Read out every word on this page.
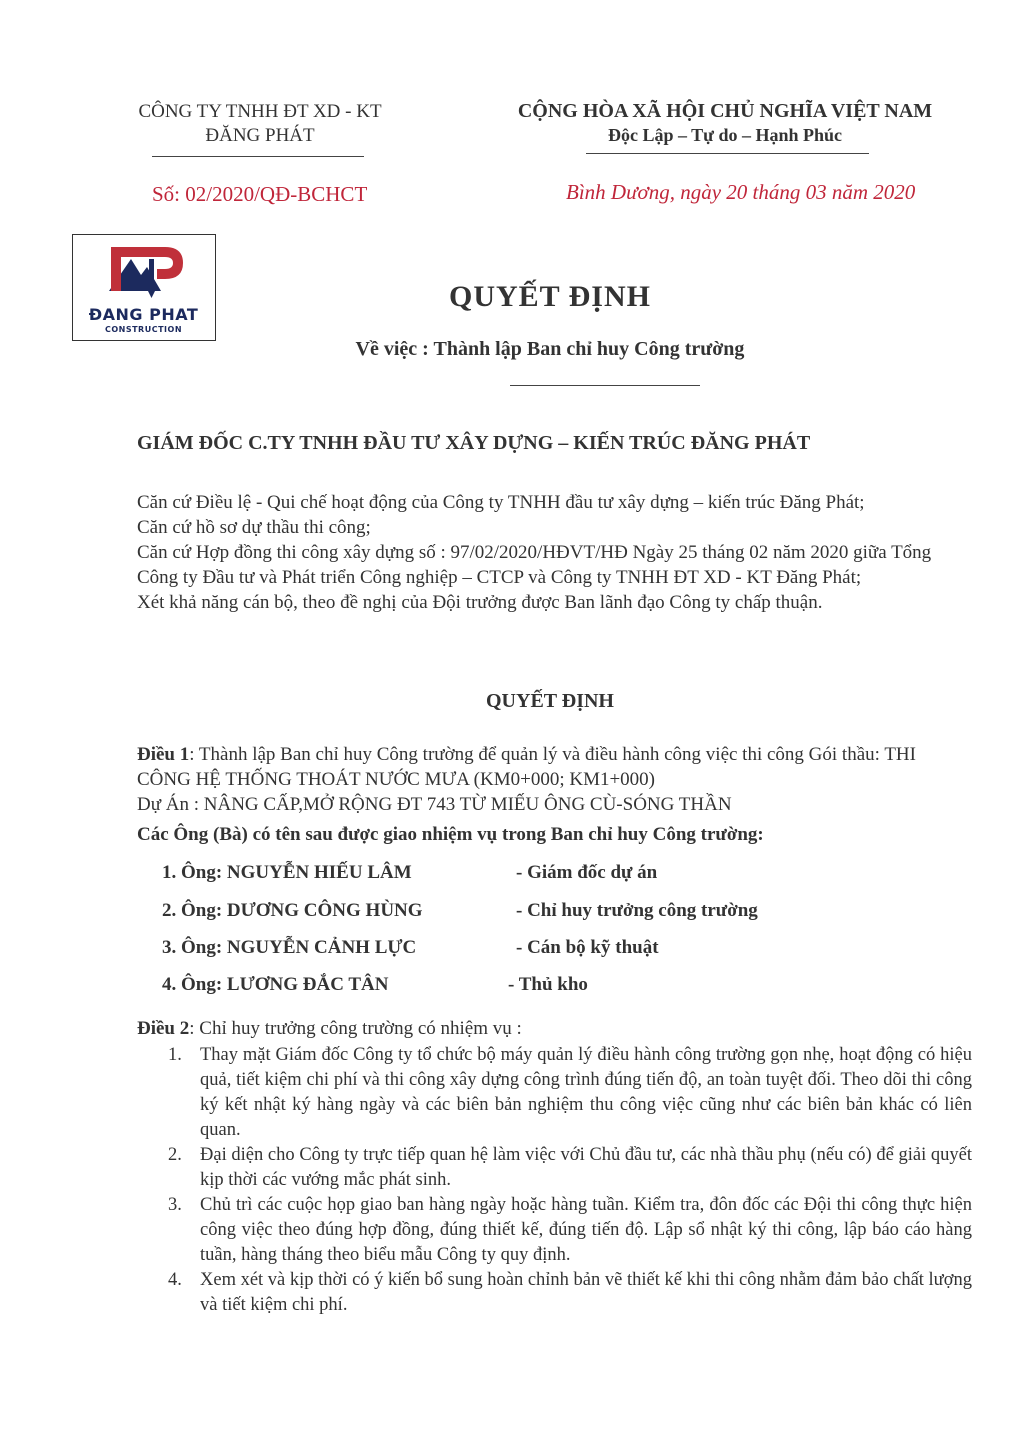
CÔNG TY TNHH ĐT XD - KT
ĐĂNG PHÁT
CỘNG HÒA XÃ HỘI CHỦ NGHĨA VIỆT NAM
Độc Lập – Tự do – Hạnh Phúc
Số: 02/2020/QĐ-BCHCT	Bình Dương, ngày 20 tháng 03 năm 2020
ĐANG PHAT
CONSTRUCTION
QUYẾT ĐỊNH
Về việc : Thành lập Ban chỉ huy Công trường
GIÁM ĐỐC C.TY TNHH ĐẦU TƯ XÂY DỰNG – KIẾN TRÚC ĐĂNG PHÁT

Căn cứ Điều lệ - Qui chế hoạt động của Công ty TNHH đầu tư xây dựng – kiến trúc Đăng Phát;

Căn cứ hồ sơ dự thầu thi công;

Căn cứ Hợp đồng thi công xây dựng số : 97/02/2020/HĐVT/HĐ Ngày 25 tháng 02 năm 2020 giữa Tổng Công ty Đầu tư và Phát triển Công nghiệp – CTCP và Công ty TNHH ĐT XD - KT Đăng Phát;

Xét khả năng cán bộ, theo đề nghị của Đội trưởng được Ban lãnh đạo Công ty chấp thuận.

QUYẾT ĐỊNH

Điều 1: Thành lập Ban chỉ huy Công trường để quản lý và điều hành công việc thi công Gói thầu: THI CÔNG HỆ THỐNG THOÁT NƯỚC MƯA (KM0+000; KM1+000)

Dự Án : NÂNG CẤP,MỞ RỘNG ĐT 743 TỪ MIẾU ÔNG CÙ-SÓNG THẦN

Các Ông (Bà) có tên sau được giao nhiệm vụ trong Ban chỉ huy Công trường:
1. Ông: NGUYỄN HIẾU LÂM	- Giám đốc dự án
2. Ông: DƯƠNG CÔNG HÙNG	- Chỉ huy trưởng công trường
3. Ông: NGUYỄN CẢNH LỰC	- Cán bộ kỹ thuật
4. Ông: LƯƠNG ĐẮC TÂN	- Thủ kho
Điều 2: Chỉ huy trưởng công trường có nhiệm vụ :
1. Thay mặt Giám đốc Công ty tổ chức bộ máy quản lý điều hành công trường gọn nhẹ, hoạt động có hiệu quả, tiết kiệm chi phí và thi công xây dựng công trình đúng tiến độ, an toàn tuyệt đối. Theo dõi thi công ký kết nhật ký hàng ngày và các biên bản nghiệm thu công việc cũng như các biên bản khác có liên quan.
2. Đại diện cho Công ty trực tiếp quan hệ làm việc với Chủ đầu tư, các nhà thầu phụ (nếu có) để giải quyết kịp thời các vướng mắc phát sinh.
3. Chủ trì các cuộc họp giao ban hàng ngày hoặc hàng tuần. Kiểm tra, đôn đốc các Đội thi công thực hiện công việc theo đúng hợp đồng, đúng thiết kế, đúng tiến độ. Lập sổ nhật ký thi công, lập báo cáo hàng tuần, hàng tháng theo biểu mẫu Công ty quy định.
4. Xem xét và kịp thời có ý kiến bổ sung hoàn chỉnh bản vẽ thiết kế khi thi công nhằm đảm bảo chất lượng và tiết kiệm chi phí.
